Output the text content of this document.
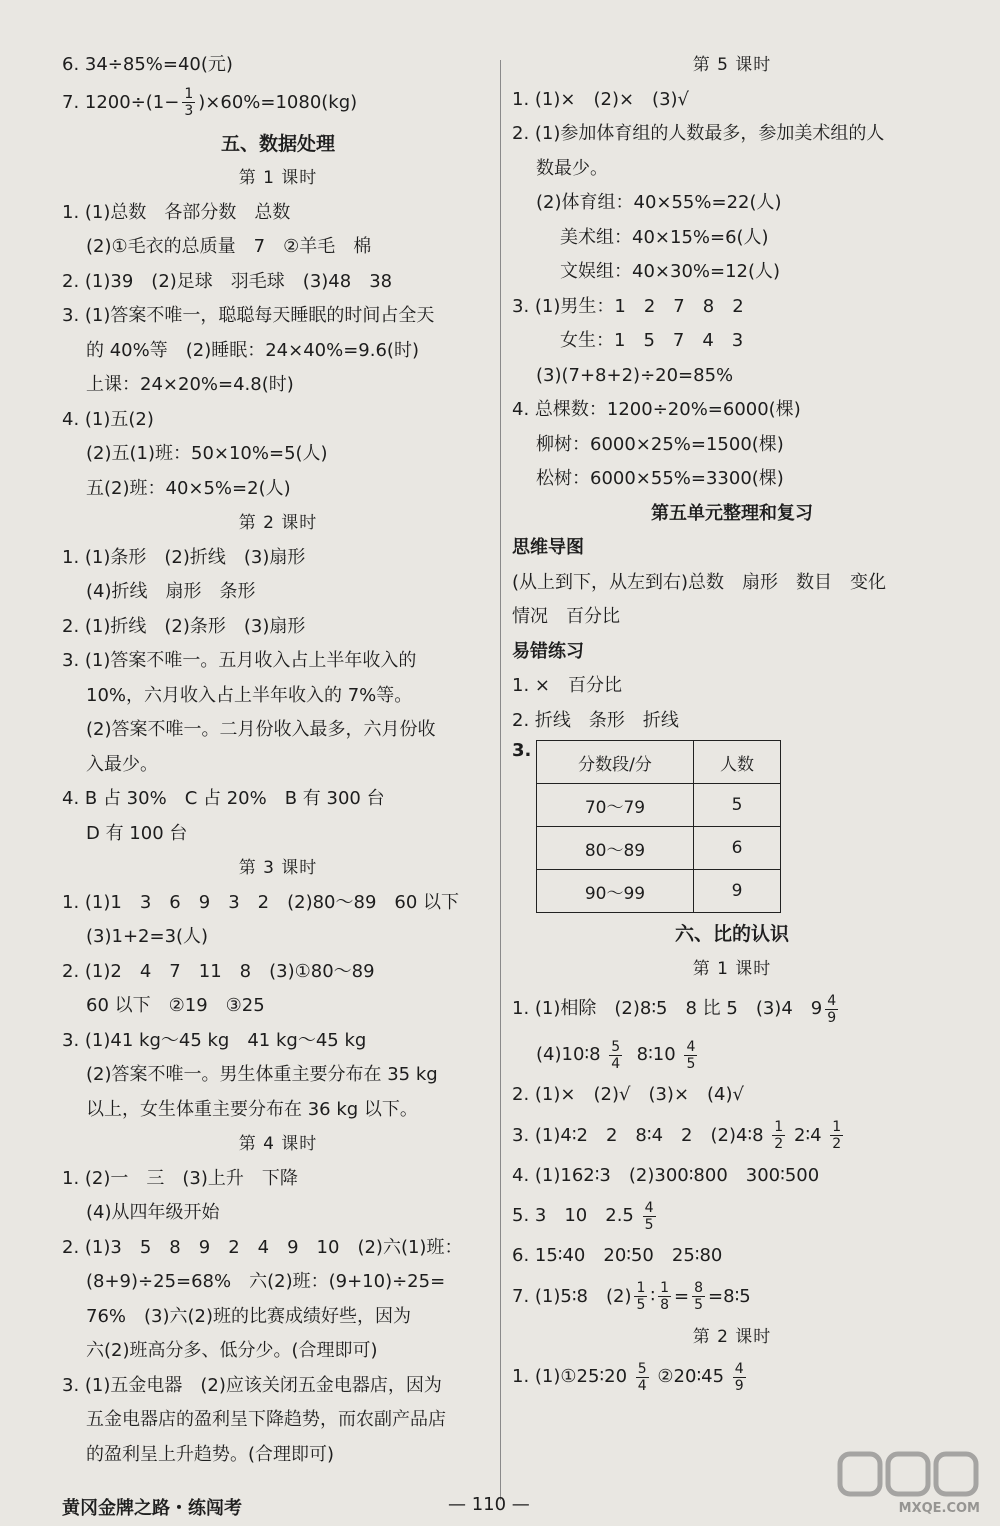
6. 34÷85%=40(元)
7. $1200\div(1- \frac{1}{3} )\times 60\%=1080(kg)$
五、数据处理
第 1 课时
1. (1)总数　各部分数　总数
(2)①毛衣的总质量　7　②羊毛　棉
2. (1)39　(2)足球　羽毛球　(3)48　38
3. (1)答案不唯一，聪聪每天睡眠的时间占全天
的 40%等　(2)睡眠：24×40%=9.6(时)
上课：24×20%=4.8(时)
4. (1)五(2)
(2)五(1)班：50×10%=5(人)
五(2)班：40×5%=2(人)
第 2 课时
1. (1)条形　(2)折线　(3)扇形
(4)折线　扇形　条形
2. (1)折线　(2)条形　(3)扇形
3. (1)答案不唯一。五月收入占上半年收入的
10%，六月收入占上半年收入的 7%等。
(2)答案不唯一。二月份收入最多，六月份收
入最少。
4. B 占 30%　C 占 20%　B 有 300 台
D 有 100 台
第 3 课时
1. (1)1　3　6　9　3　2　(2)80～89　60 以下
(3)1+2=3(人)
2. (1)2　4　7　11　8　(3)①80～89
60 以下　②19　③25
3. (1)41 kg～45 kg　41 kg～45 kg
(2)答案不唯一。男生体重主要分布在 35 kg
以上，女生体重主要分布在 36 kg 以下。
第 4 课时
1. (2)一　三　(3)上升　下降
(4)从四年级开始
2. (1)3　5　8　9　2　4　9　10　(2)六(1)班：
(8+9)÷25=68%　六(2)班：(9+10)÷25=
76%　(3)六(2)班的比赛成绩好些，因为
六(2)班高分多、低分少。(合理即可)
3. (1)五金电器　(2)应该关闭五金电器店，因为
五金电器店的盈利呈下降趋势，而农副产品店
的盈利呈上升趋势。(合理即可)
第 5 课时
1. (1)×　(2)×　(3)√
2. (1)参加体育组的人数最多，参加美术组的人
数最少。
(2)体育组：40×55%=22(人)
美术组：40×15%=6(人)
文娱组：40×30%=12(人)
3. (1)男生：1　2　7　8　2
女生：1　5　7　4　3
(3)(7+8+2)÷20=85%
4. 总棵数：1200÷20%=6000(棵)
柳树：6000×25%=1500(棵)
松树：6000×55%=3300(棵)
第五单元整理和复习
思维导图
(从上到下，从左到右)总数　扇形　数目　变化
情况　百分比
易错练习
1. ×　百分比
2. 折线　条形　折线
3.
分数段/分	人数
70～79	5
80～89	6
90～99	9
六、比的认识
第 1 课时
1. (1)相除　(2)8∶5　8 比 5　(3)4　$9 \frac{4}{9}$
(4)10∶8 $\frac{5}{4}$ 8∶10 $\frac{4}{5}$
2. (1)×　(2)√　(3)×　(4)√
3. (1)4∶2　2　8∶4　2　(2)4∶8 $\frac{1}{2}$ 2∶4 $\frac{1}{2}$
4. (1)162∶3　(2)300∶800　300∶500
5. 3　10　$2.5 \frac{4}{5}$
6. 15∶40　20∶50　25∶80
7. (1)5∶8　$(2) \frac{1}{5}$ ∶ $\frac{1}{8} = \frac{8}{5}$ =8∶5
第 2 课时
1. (1)①25∶20 $\frac{5}{4}$ ②20∶45 $\frac{4}{9}$
黄冈金牌之路・练闯考	— 110 —	MXQE.COM
